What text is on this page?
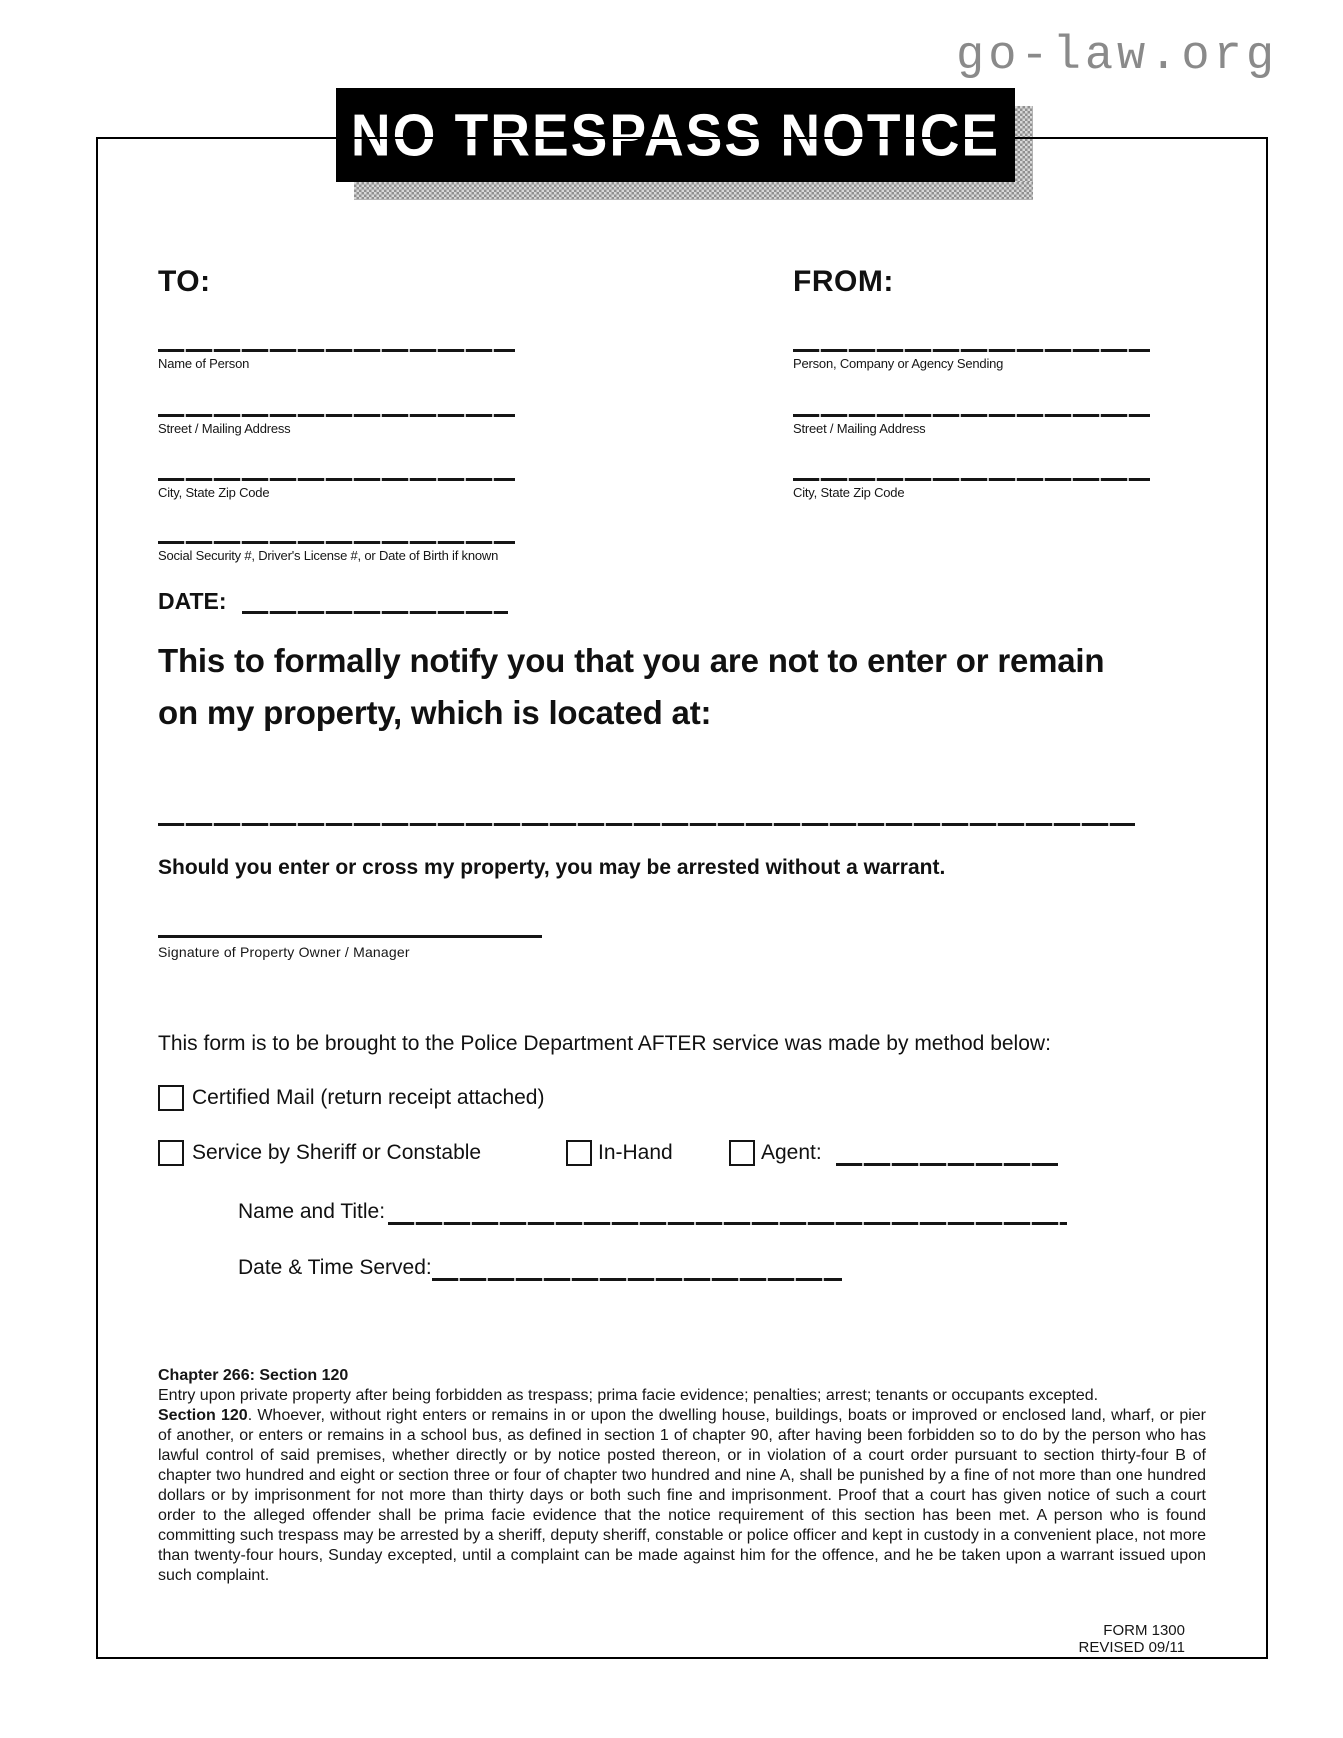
go-law.org
NO TRESPASS NOTICE
TO:
Name of Person
Street / Mailing Address
City, State Zip Code
Social Security #, Driver's License #, or Date of Birth if known
FROM:
Person, Company or Agency Sending
Street / Mailing Address
City, State Zip Code
DATE:
This to formally notify you that you are not to enter or remain
on my property, which is located at:
Should you enter or cross my property, you may be arrested without a warrant.
Signature of Property Owner / Manager
This form is to be brought to the Police Department AFTER service was made by method below:
Certified Mail (return receipt attached)
Service by Sheriff or Constable	In-Hand	Agent:
Name and Title:
Date & Time Served:
Chapter 266: Section 120
Entry upon private property after being forbidden as trespass; prima facie evidence; penalties; arrest; tenants or occupants excepted.
Section 120. Whoever, without right enters or remains in or upon the dwelling house, buildings, boats or improved or enclosed land, wharf, or pier of another, or enters or remains in a school bus, as defined in section 1 of chapter 90, after having been forbidden so to do by the person who has lawful control of said premises, whether directly or by notice posted thereon, or in violation of a court order pursuant to section thirty-four B of chapter two hundred and eight or section three or four of chapter two hundred and nine A, shall be punished by a fine of not more than one hundred dollars or by imprisonment for not more than thirty days or both such fine and imprisonment. Proof that a court has given notice of such a court order to the alleged offender shall be prima facie evidence that the notice requirement of this section has been met. A person who is found committing such trespass may be arrested by a sheriff, deputy sheriff, constable or police officer and kept in custody in a convenient place, not more than twenty-four hours, Sunday excepted, until a complaint can be made against him for the offence, and he be taken upon a warrant issued upon such complaint.
FORM 1300
REVISED 09/11
